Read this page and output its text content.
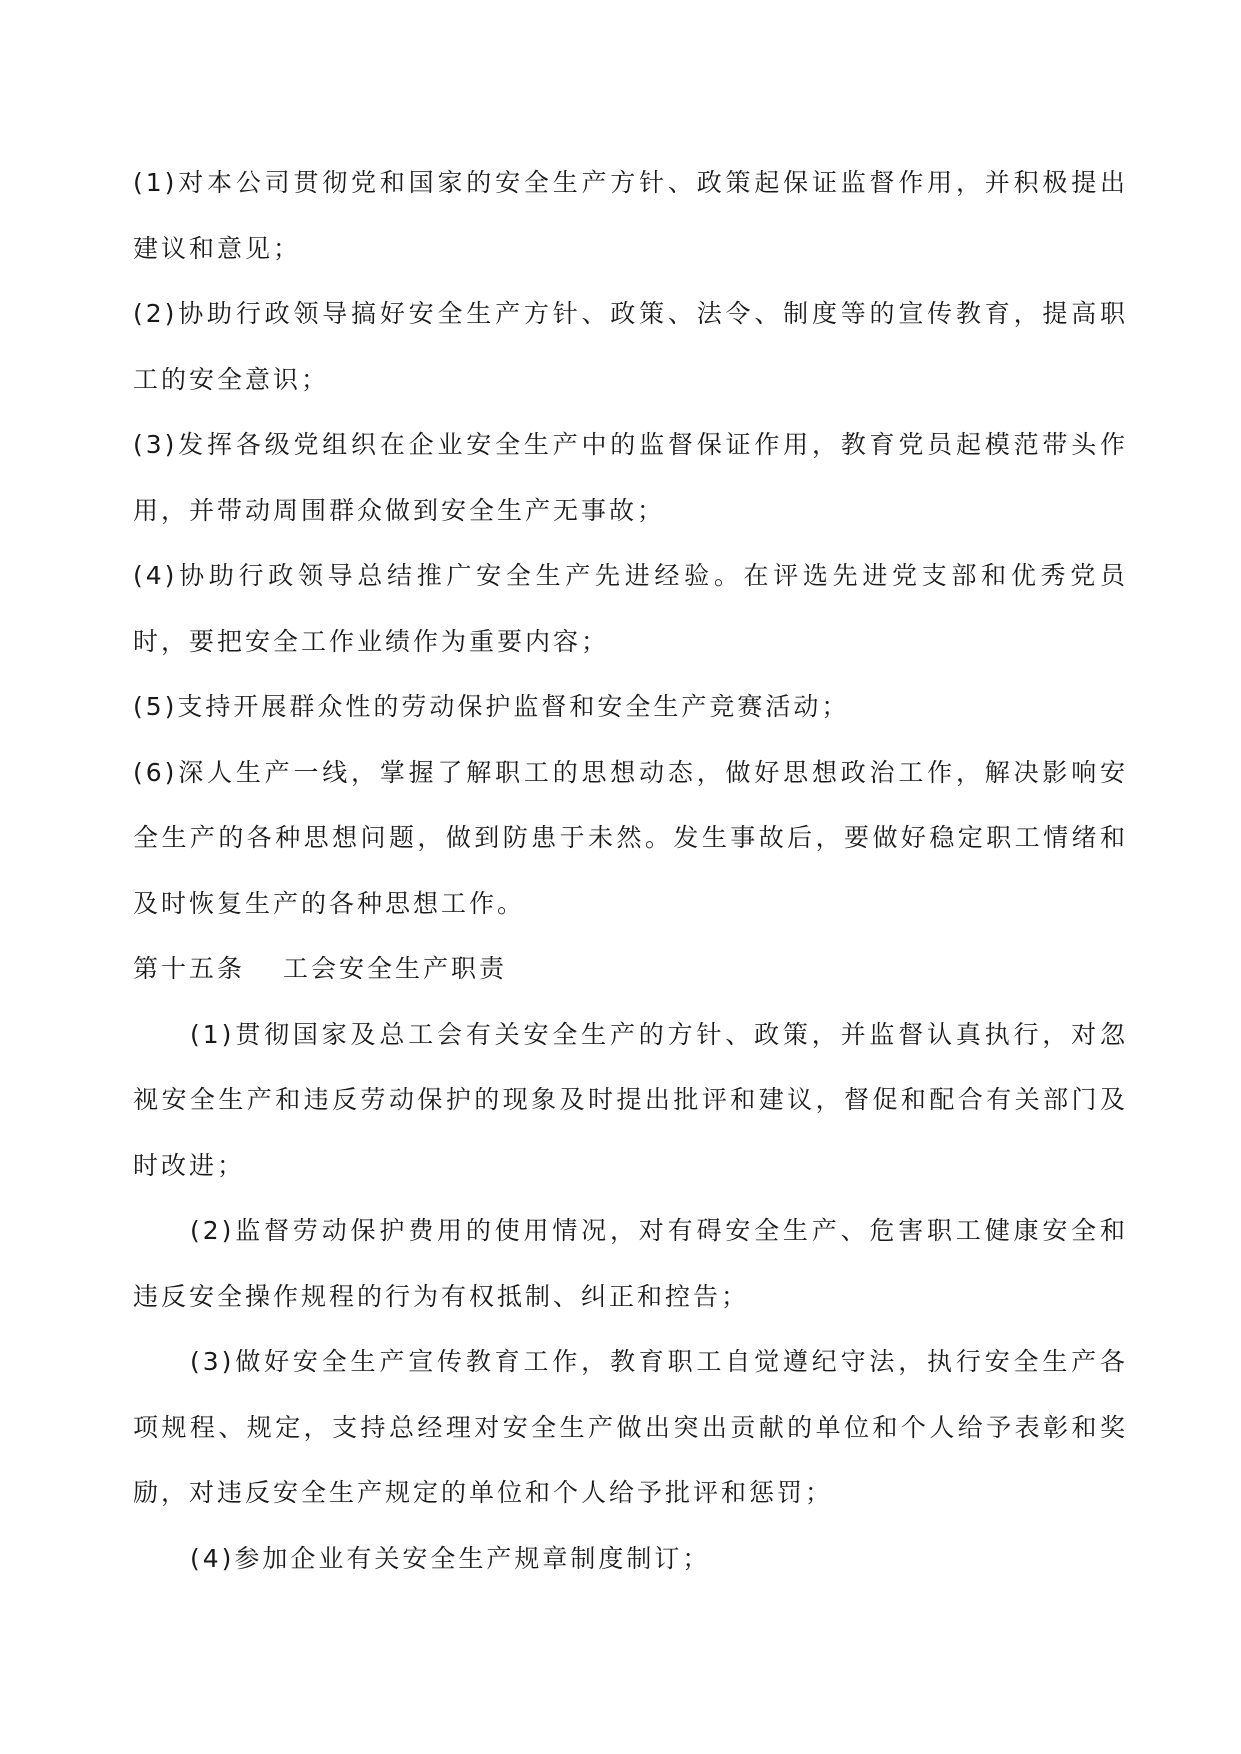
(1)对本公司贯彻党和国家的安全生产方针、政策起保证监督作用，并积极提出建议和意见；

(2)协助行政领导搞好安全生产方针、政策、法令、制度等的宣传教育，提高职工的安全意识；

(3)发挥各级党组织在企业安全生产中的监督保证作用，教育党员起模范带头作用，并带动周围群众做到安全生产无事故；

(4)协助行政领导总结推广安全生产先进经验。在评选先进党支部和优秀党员时，要把安全工作业绩作为重要内容；

(5)支持开展群众性的劳动保护监督和安全生产竞赛活动；

(6)深人生产一线，掌握了解职工的思想动态，做好思想政治工作，解决影响安全生产的各种思想问题，做到防患于未然。发生事故后，要做好稳定职工情绪和及时恢复生产的各种思想工作。

第十五条 工会安全生产职责

(1)贯彻国家及总工会有关安全生产的方针、政策，并监督认真执行，对忽视安全生产和违反劳动保护的现象及时提出批评和建议，督促和配合有关部门及时改进；

(2)监督劳动保护费用的使用情况，对有碍安全生产、危害职工健康安全和违反安全操作规程的行为有权抵制、纠正和控告；

(3)做好安全生产宣传教育工作，教育职工自觉遵纪守法，执行安全生产各项规程、规定，支持总经理对安全生产做出突出贡献的单位和个人给予表彰和奖励，对违反安全生产规定的单位和个人给予批评和惩罚；

(4)参加企业有关安全生产规章制度制订；
